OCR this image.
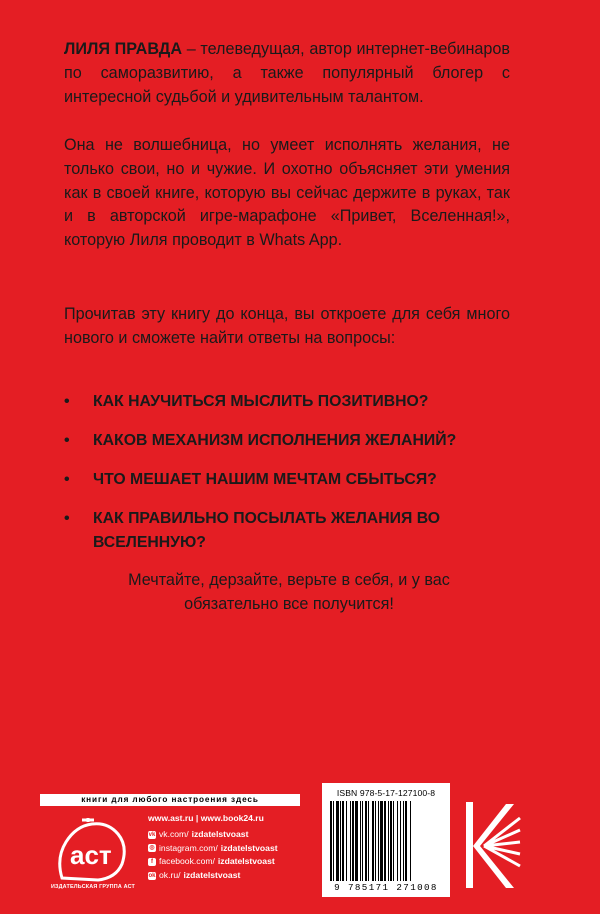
ЛИЛЯ ПРАВДА – телеведущая, автор интернет-вебинаров по саморазвитию, а также популярный блогер с интересной судьбой и удивительным талантом.

Она не волшебница, но умеет исполнять желания, не только свои, но и чужие. И охотно объясняет эти умения как в своей книге, которую вы сейчас держите в руках, так и в авторской игре-марафоне «Привет, Вселенная!», которую Лиля проводит в Whats App.

Прочитав эту книгу до конца, вы откроете для себя много нового и сможете найти ответы на вопросы:

• КАК НАУЧИТЬСЯ МЫСЛИТЬ ПОЗИТИВНО?
• КАКОВ МЕХАНИЗМ ИСПОЛНЕНИЯ ЖЕЛАНИЙ?
• ЧТО МЕШАЕТ НАШИМ МЕЧТАМ СБЫТЬСЯ?
• КАК ПРАВИЛЬНО ПОСЫЛАТЬ ЖЕЛАНИЯ ВО ВСЕЛЕННУЮ?

Мечтайте, дерзайте, верьте в себя, и у вас
обязательно все получится!

книги для любого настроения здесь
аст
ИЗДАТЕЛЬСКАЯ ГРУППА АСТ
www.ast.ru | www.book24.ru
vk vk.com/ izdatelstvoast
◎ instagram.com/ izdatelstvoast
f facebook.com/ izdatelstvoast
ok ok.ru/ izdatelstvoast
ISBN 978-5-17-127100-8
9 785171 271008
